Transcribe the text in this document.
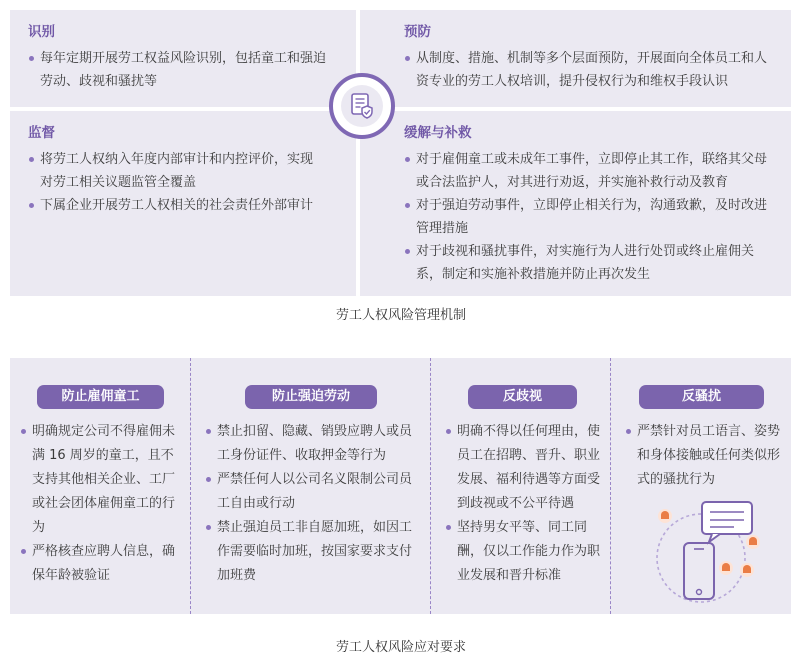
识别
每年定期开展劳工权益风险识别，包括童工和强迫劳动、歧视和骚扰等
预防
从制度、措施、机制等多个层面预防，开展面向全体员工和人资专业的劳工人权培训，提升侵权行为和维权手段认识
监督
将劳工人权纳入年度内部审计和内控评价，实现对劳工相关议题监管全覆盖
下属企业开展劳工人权相关的社会责任外部审计
缓解与补救
对于雇佣童工或未成年工事件，立即停止其工作，联络其父母或合法监护人，对其进行劝返，并实施补救行动及教育
对于强迫劳动事件，立即停止相关行为，沟通致歉，及时改进管理措施
对于歧视和骚扰事件，对实施行为人进行处罚或终止雇佣关系，制定和实施补救措施并防止再次发生
劳工人权风险管理机制
防止雇佣童工
明确规定公司不得雇佣未满 16 周岁的童工，且不支持其他相关企业、工厂或社会团体雇佣童工的行为
严格核查应聘人信息，确保年龄被验证
防止强迫劳动
禁止扣留、隐藏、销毁应聘人或员工身份证件、收取押金等行为
严禁任何人以公司名义限制公司员工自由或行动
禁止强迫员工非自愿加班，如因工作需要临时加班，按国家要求支付加班费
反歧视
明确不得以任何理由，使员工在招聘、晋升、职业发展、福利待遇等方面受到歧视或不公平待遇
坚持男女平等、同工同酬，仅以工作能力作为职业发展和晋升标准
反骚扰
严禁针对员工语言、姿势和身体接触或任何类似形式的骚扰行为
劳工人权风险应对要求
